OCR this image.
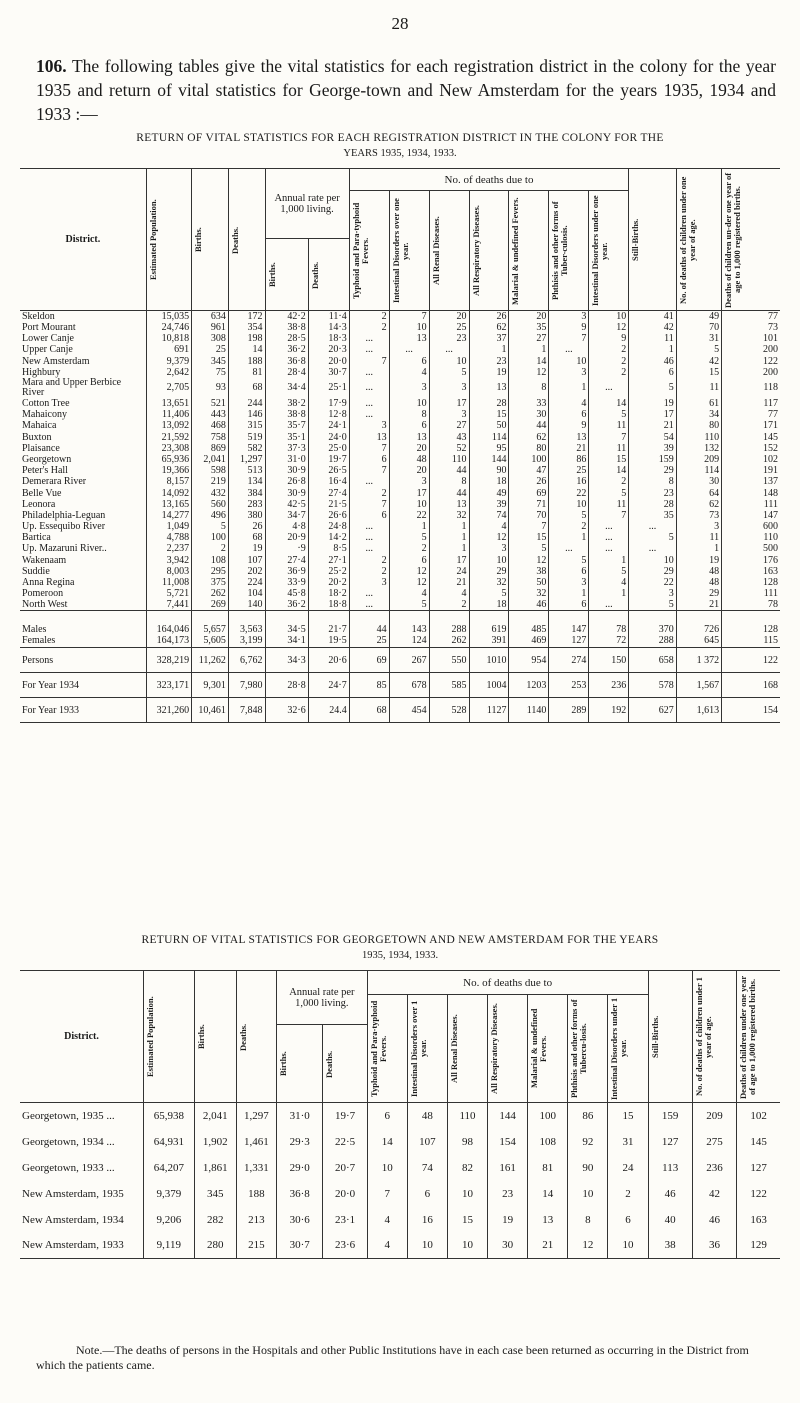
28
106. The following tables give the vital statistics for each registration district in the colony for the year 1935 and return of vital statistics for George-town and New Amsterdam for the years 1935, 1934 and 1933 :—
RETURN OF VITAL STATISTICS FOR EACH REGISTRATION DISTRICT IN THE COLONY FOR THE
YEARS 1935, 1934, 1933.
District.	Estimated Population.	Births.	Deaths.	Annual rate per 1,000 living.		No. of deaths due to							Still-Births.	No. of deaths of children under one year of age.	Deaths of children un-der one year of age to 1,000 registered births.

						Typhoid and Para-typhoid Fevers.	Intestinal Disorders over one year.	All Renal Diseases.	All Respiratory Diseases.	Malarial & undefined Fevers.	Phthisis and other forms of Tuber-culosis.	Intestinal Disorders under one year.			

				Births.	Deaths.										

Skeldon	15,035	634	172	42·2	11·4	2	7	20	26	20	3	10	41	49	77
Port Mourant	24,746	961	354	38·8	14·3	2	10	25	62	35	9	12	42	70	73
Lower Canje	10,818	308	198	28·5	18·3	...	13	23	37	27	7	9	11	31	101
Upper Canje	691	25	14	36·2	20·3	...	...	...	1	1	...	2	1	5	200
New Amsterdam	9,379	345	188	36·8	20·0	7	6	10	23	14	10	2	46	42	122
Highbury	2,642	75	81	28·4	30·7	...	4	5	19	12	3	2	6	15	200
Mara and Upper Berbice River	2,705	93	68	34·4	25·1	...	3	3	13	8	1	...	5	11	118
Cotton Tree	13,651	521	244	38·2	17·9	...	10	17	28	33	4	14	19	61	117
Mahaicony	11,406	443	146	38·8	12·8	...	8	3	15	30	6	5	17	34	77
Mahaica	13,092	468	315	35·7	24·1	3	6	27	50	44	9	11	21	80	171
Buxton	21,592	758	519	35·1	24·0	13	13	43	114	62	13	7	54	110	145
Plaisance	23,308	869	582	37·3	25·0	7	20	52	95	80	21	11	39	132	152
Georgetown	65,936	2,041	1,297	31·0	19·7	6	48	110	144	100	86	15	159	209	102
Peter's Hall	19,366	598	513	30·9	26·5	7	20	44	90	47	25	14	29	114	191
Demerara River	8,157	219	134	26·8	16·4	...	3	8	18	26	16	2	8	30	137
Belle Vue	14,092	432	384	30·9	27·4	2	17	44	49	69	22	5	23	64	148
Leonora	13,165	560	283	42·5	21·5	7	10	13	39	71	10	11	28	62	111
Philadelphia-Leguan	14,277	496	380	34·7	26·6	6	22	32	74	70	5	7	35	73	147
Up. Essequibo River	1,049	5	26	4·8	24·8	...	1	1	4	7	2	...	...	3	600
Bartica	4,788	100	68	20·9	14·2	...	5	1	12	15	1	...	5	11	110
Up. Mazaruni River..	2,237	2	19	·9	8·5	...	2	1	3	5	...	...	...	1	500
Wakenaam	3,942	108	107	27·4	27·1	2	6	17	10	12	5	1	10	19	176
Suddie	8,003	295	202	36·9	25·2	2	12	24	29	38	6	5	29	48	163
Anna Regina	11,008	375	224	33·9	20·2	3	12	21	32	50	3	4	22	48	128
Pomeroon	5,721	262	104	45·8	18·2	...	4	4	5	32	1	1	3	29	111
North West	7,441	269	140	36·2	18·8	...	5	2	18	46	6	...	5	21	78
Males	164,046	5,657	3,563	34·5	21·7	44	143	288	619	485	147	78	370	726	128
Females	164,173	5,605	3,199	34·1	19·5	25	124	262	391	469	127	72	288	645	115
Persons	328,219	11,262	6,762	34·3	20·6	69	267	550	1010	954	274	150	658	1 372	122
For Year 1934	323,171	9,301	7,980	28·8	24·7	85	678	585	1004	1203	253	236	578	1,567	168
For Year 1933	321,260	10,461	7,848	32·6	24.4	68	454	528	1127	1140	289	192	627	1,613	154
RETURN OF VITAL STATISTICS FOR GEORGETOWN AND NEW AMSTERDAM FOR THE YEARS
1935, 1934, 1933.
District.	Estimated Population.	Births.	Deaths.	Annual rate per 1,000 living.		No. of deaths due to							Still-Births.	No. of deaths of children under 1 year of age.	Deaths of children under one year of age to 1,000 registered births.

						Typhoid and Para-typhoid Fevers.	Intestinal Disorders over 1 year.	All Renal Diseases.	All Respiratory Diseases.	Malarial & undefined Fevers.	Phthisis and other forms of Tubercu-losis.	Intestinal Disorders under 1 year.			

				Births.	Deaths.										

Georgetown, 1935 ...	65,938	2,041	1,297	31·0	19·7	6	48	110	144	100	86	15	159	209	102
Georgetown, 1934 ...	64,931	1,902	1,461	29·3	22·5	14	107	98	154	108	92	31	127	275	145
Georgetown, 1933 ...	64,207	1,861	1,331	29·0	20·7	10	74	82	161	81	90	24	113	236	127
New Amsterdam, 1935	9,379	345	188	36·8	20·0	7	6	10	23	14	10	2	46	42	122
New Amsterdam, 1934	9,206	282	213	30·6	23·1	4	16	15	19	13	8	6	40	46	163
New Amsterdam, 1933	9,119	280	215	30·7	23·6	4	10	10	30	21	12	10	38	36	129
Note.—The deaths of persons in the Hospitals and other Public Institutions have in each case been returned as occurring in the District from which the patients came.
